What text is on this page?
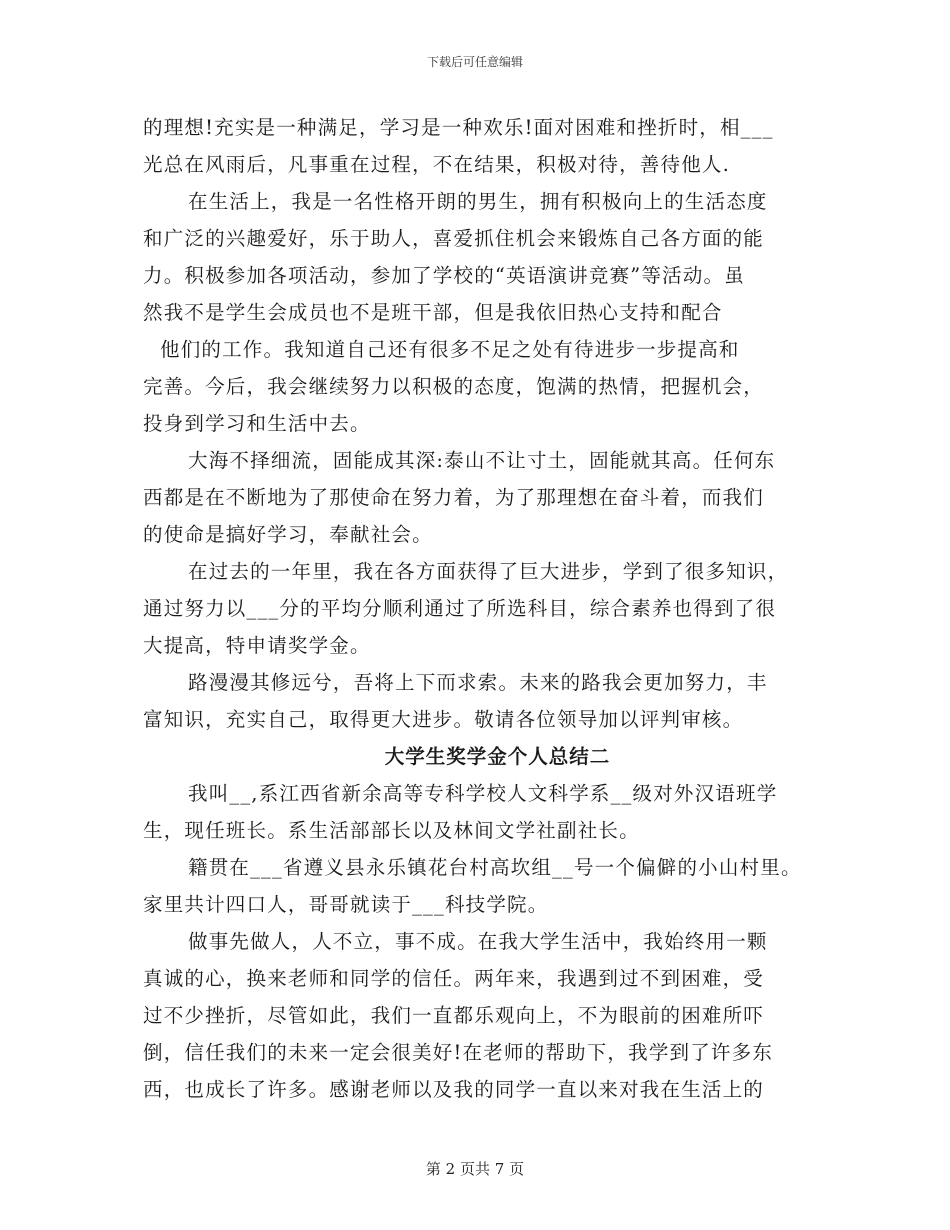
下载后可任意编辑
的理想!充实是一种满足，学习是一种欢乐!面对困难和挫折时，相___
光总在风雨后，凡事重在过程，不在结果，积极对待，善待他人.
在生活上，我是一名性格开朗的男生，拥有积极向上的生活态度
和广泛的兴趣爱好，乐于助人，喜爱抓住机会来锻炼自己各方面的能
力。积极参加各项活动，参加了学校的“英语演讲竞赛”等活动。虽
然我不是学生会成员也不是班干部，但是我依旧热心支持和配合
他们的工作。我知道自己还有很多不足之处有待进步一步提高和
完善。今后，我会继续努力以积极的态度，饱满的热情，把握机会，
投身到学习和生活中去。
大海不择细流，固能成其深:泰山不让寸土，固能就其高。任何东
西都是在不断地为了那使命在努力着，为了那理想在奋斗着，而我们
的使命是搞好学习，奉献社会。
在过去的一年里，我在各方面获得了巨大进步，学到了很多知识，
通过努力以___分的平均分顺利通过了所选科目，综合素养也得到了很
大提高，特申请奖学金。
路漫漫其修远兮，吾将上下而求索。未来的路我会更加努力，丰
富知识，充实自己，取得更大进步。敬请各位领导加以评判审核。
大学生奖学金个人总结二
我叫__,系江西省新余高等专科学校人文科学系__级对外汉语班学
生，现任班长。系生活部部长以及林间文学社副社长。
籍贯在___省遵义县永乐镇花台村高坎组__号一个偏僻的小山村里。
家里共计四口人，哥哥就读于___科技学院。
做事先做人，人不立，事不成。在我大学生活中，我始终用一颗
真诚的心，换来老师和同学的信任。两年来，我遇到过不到困难，受
过不少挫折，尽管如此，我们一直都乐观向上，不为眼前的困难所吓
倒，信任我们的未来一定会很美好!在老师的帮助下，我学到了许多东
西，也成长了许多。感谢老师以及我的同学一直以来对我在生活上的
第 2 页共 7 页
